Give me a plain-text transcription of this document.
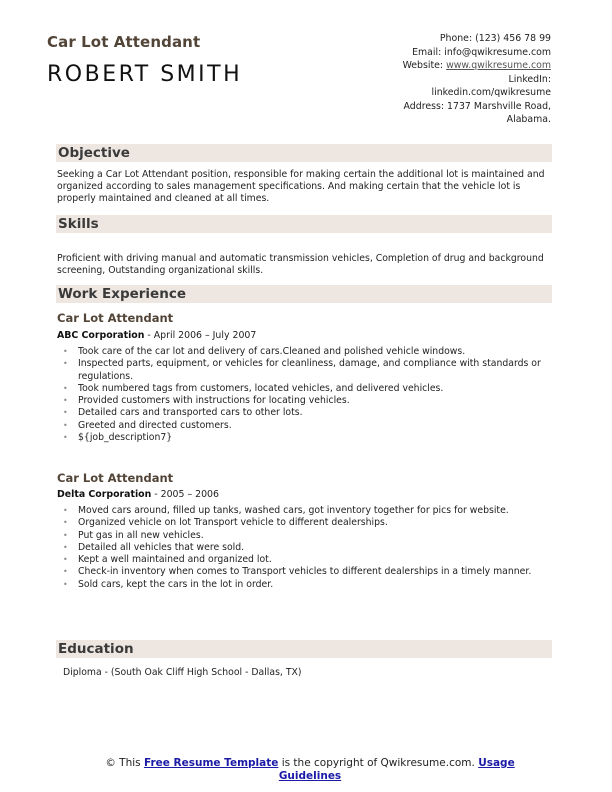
Car Lot Attendant
ROBERT SMITH
Phone: (123) 456 78 99
Email: info@qwikresume.com
Website: www.qwikresume.com
LinkedIn:
linkedin.com/qwikresume
Address: 1737 Marshville Road,
Alabama.
Objective
Seeking a Car Lot Attendant position, responsible for making certain the additional lot is maintained and organized according to sales management specifications. And making certain that the vehicle lot is properly maintained and cleaned at all times.
Skills
Proficient with driving manual and automatic transmission vehicles, Completion of drug and background screening, Outstanding organizational skills.
Work Experience
Car Lot Attendant
ABC Corporation - April 2006 – July 2007
• Took care of the car lot and delivery of cars.Cleaned and polished vehicle windows.
• Inspected parts, equipment, or vehicles for cleanliness, damage, and compliance with standards or regulations.
• Took numbered tags from customers, located vehicles, and delivered vehicles.
• Provided customers with instructions for locating vehicles.
• Detailed cars and transported cars to other lots.
• Greeted and directed customers.
• ${job_description7}
Car Lot Attendant
Delta Corporation - 2005 – 2006
• Moved cars around, filled up tanks, washed cars, got inventory together for pics for website.
• Organized vehicle on lot Transport vehicle to different dealerships.
• Put gas in all new vehicles.
• Detailed all vehicles that were sold.
• Kept a well maintained and organized lot.
• Check-in inventory when comes to Transport vehicles to different dealerships in a timely manner.
• Sold cars, kept the cars in the lot in order.
Education
Diploma - (South Oak Cliff High School - Dallas, TX)
© This Free Resume Template is the copyright of Qwikresume.com. Usage Guidelines
